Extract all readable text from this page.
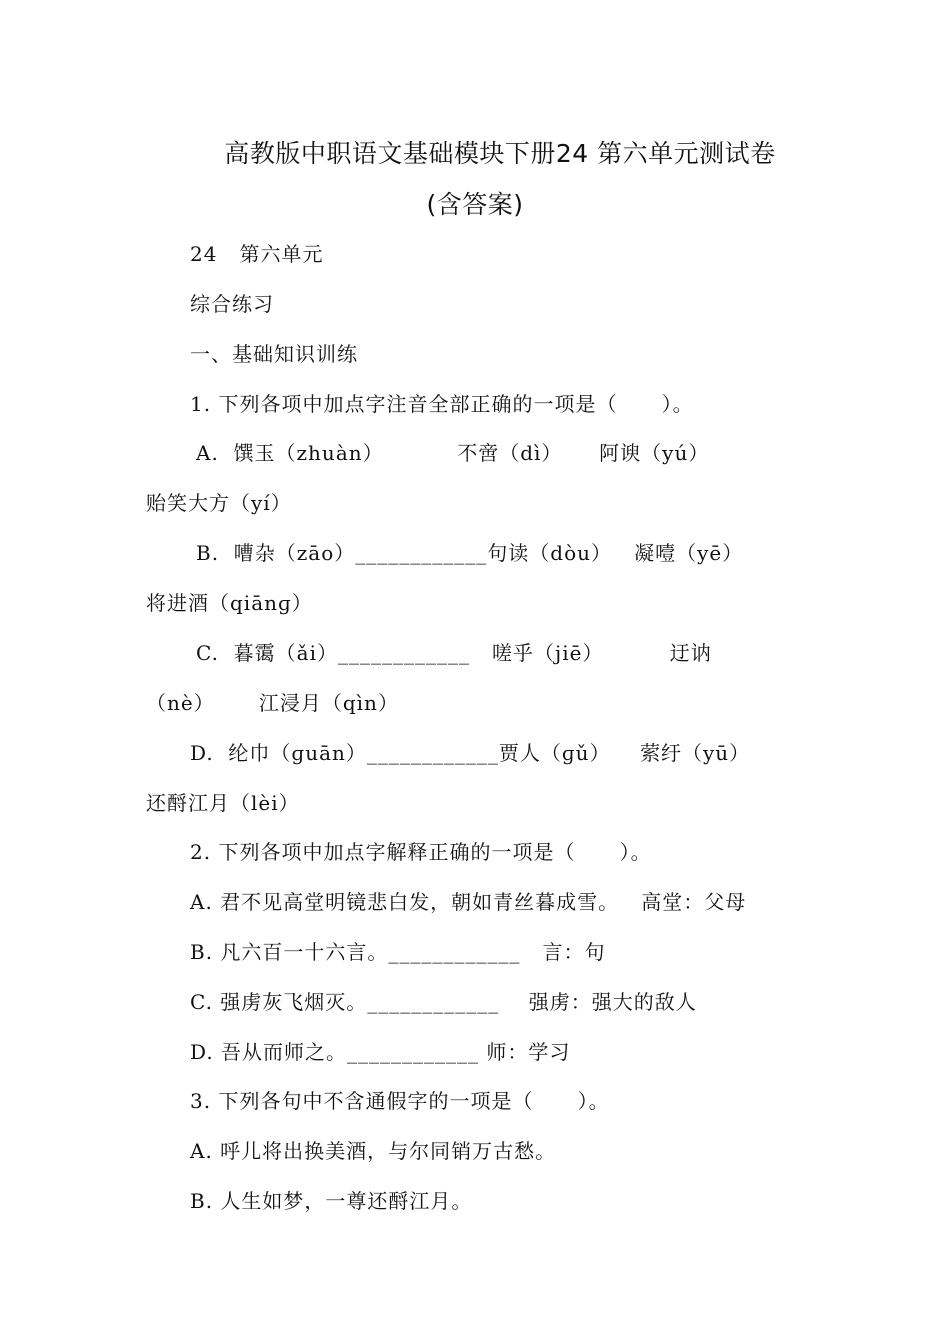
高教版中职语文基础模块下册24 第六单元测试卷
(含答案)
24   第六单元
综合练习
一、基础知识训练
1. 下列各项中加点字注音全部正确的一项是（      ）。
A.  馔玉（zhuàn）          不啻（dì）     阿谀（yú）
贻笑大方（yí）
B.  嘈杂（zāo）____________句读（dòu）   凝噎（yē）
将进酒（qiānɡ）
C.  暮霭（ǎi）____________   嗟乎（jiē）         迂讷
（nè）      江浸月（qìn）
D.  纶巾（ɡuān）____________贾人（ɡǔ）    萦纡（yū）
还酹江月（lèi）
2. 下列各项中加点字解释正确的一项是（      ）。
A. 君不见高堂明镜悲白发，朝如青丝暮成雪。   高堂：父母
B. 凡六百一十六言。____________   言：句
C. 强虏灰飞烟灭。____________    强虏：强大的敌人
D. 吾从而师之。____________ 师：学习
3. 下列各句中不含通假字的一项是（      ）。
A. 呼儿将出换美酒，与尔同销万古愁。
B. 人生如梦，一尊还酹江月。
